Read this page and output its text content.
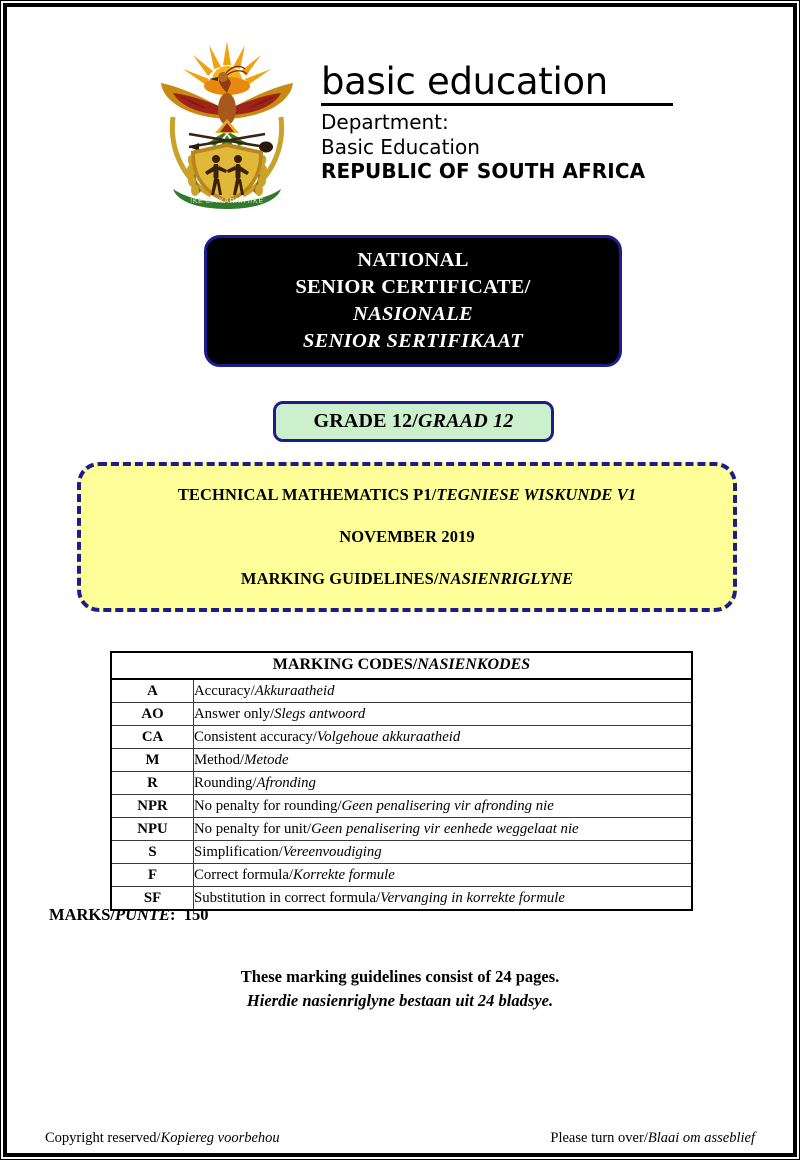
!KE E: /XARRA //KE
basic education
Department:
Basic Education
REPUBLIC OF SOUTH AFRICA
NATIONAL
SENIOR CERTIFICATE/
NASIONALE
SENIOR SERTIFIKAAT
GRADE 12/GRAAD 12
TECHNICAL MATHEMATICS P1/TEGNIESE WISKUNDE V1
NOVEMBER 2019
MARKING GUIDELINES/NASIENRIGLYNE
MARKING CODES/NASIENKODES	
A	Accuracy/Akkuraatheid
AO	Answer only/Slegs antwoord
CA	Consistent accuracy/Volgehoue akkuraatheid
M	Method/Metode
R	Rounding/Afronding
NPR	No penalty for rounding/Geen penalisering vir afronding nie
NPU	No penalty for unit/Geen penalisering vir eenhede weggelaat nie
S	Simplification/Vereenvoudiging
F	Correct formula/Korrekte formule
SF	Substitution in correct formula/Vervanging in korrekte formule
MARKS/PUNTE: 150
These marking guidelines consist of 24 pages.
Hierdie nasienriglyne bestaan uit 24 bladsye.
Copyright reserved/Kopiereg voorbehou	Please turn over/Blaai om asseblief
